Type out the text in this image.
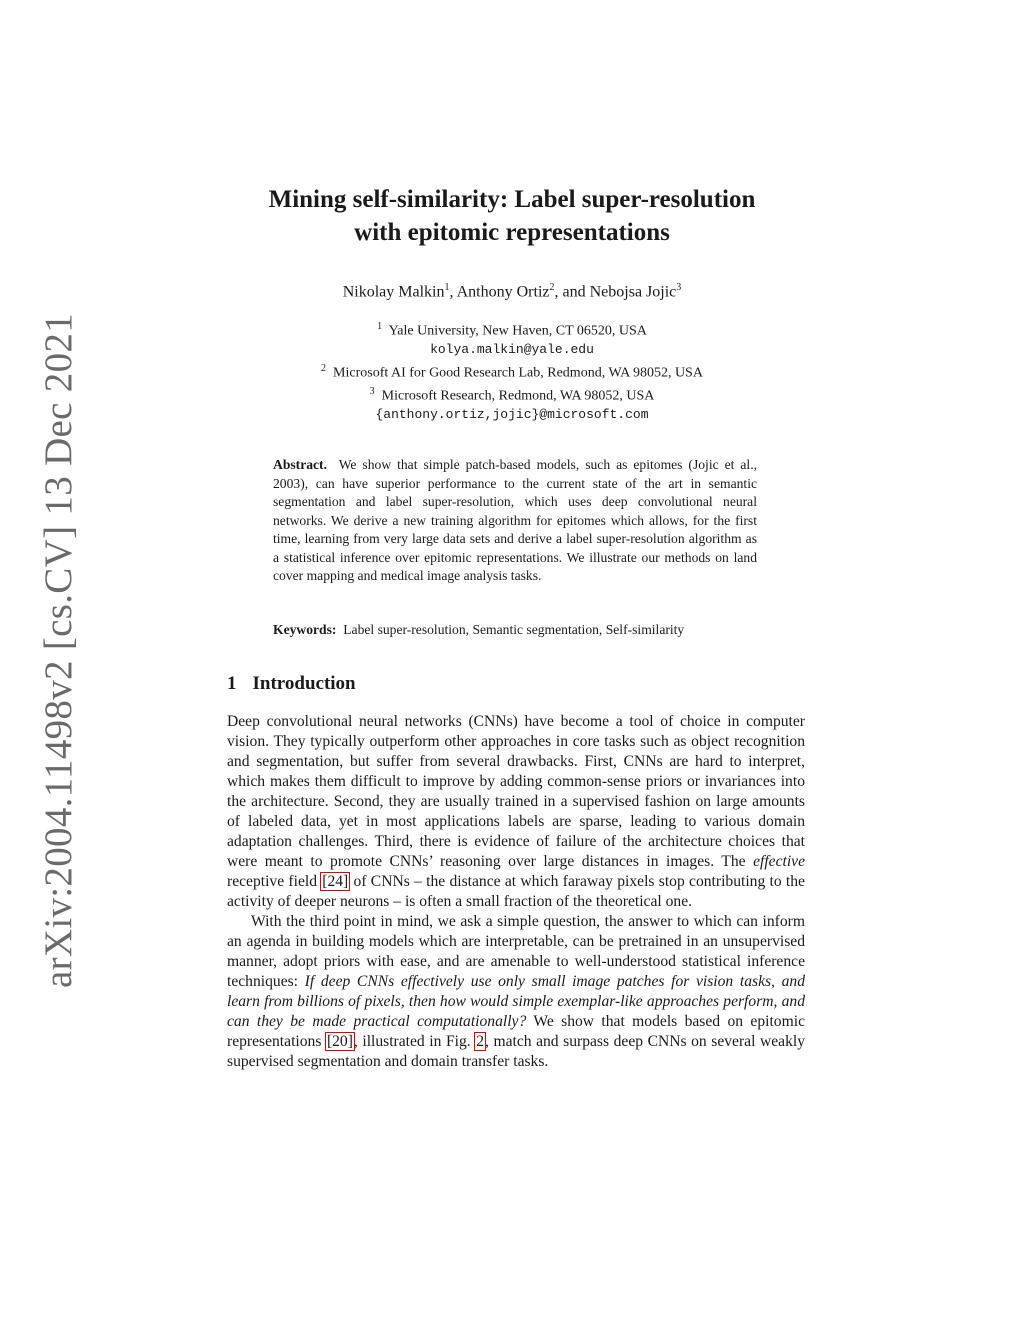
arXiv:2004.11498v2 [cs.CV] 13 Dec 2021
Mining self-similarity: Label super-resolution
with epitomic representations
Nikolay Malkin$^1$, Anthony Ortiz$^2$, and Nebojsa Jojic$^3$
$^1$ Yale University, New Haven, CT 06520, USA
kolya.malkin@yale.edu
$^2$ Microsoft AI for Good Research Lab, Redmond, WA 98052, USA
$^3$ Microsoft Research, Redmond, WA 98052, USA
{anthony.ortiz,jojic}@microsoft.com
Abstract. We show that simple patch-based models, such as epitomes (Jojic et al., 2003), can have superior performance to the current state of the art in semantic segmentation and label super-resolution, which uses deep convolutional neural networks. We derive a new training algorithm for epitomes which allows, for the first time, learning from very large data sets and derive a label super-resolution algorithm as a statistical inference over epitomic representations. We illustrate our methods on land cover mapping and medical image analysis tasks.
Keywords: Label super-resolution, Semantic segmentation, Self-similarity
1 Introduction

Deep convolutional neural networks (CNNs) have become a tool of choice in computer vision. They typically outperform other approaches in core tasks such as object recognition and segmentation, but suffer from several drawbacks. First, CNNs are hard to interpret, which makes them difficult to improve by adding common-sense priors or invariances into the architecture. Second, they are usually trained in a supervised fashion on large amounts of labeled data, yet in most applications labels are sparse, leading to various domain adaptation challenges. Third, there is evidence of failure of the architecture choices that were meant to promote CNNs’ reasoning over large distances in images. The effective receptive field [24] of CNNs – the distance at which faraway pixels stop contributing to the activity of deeper neurons – is often a small fraction of the theoretical one.

With the third point in mind, we ask a simple question, the answer to which can inform an agenda in building models which are interpretable, can be pretrained in an unsupervised manner, adopt priors with ease, and are amenable to well-understood statistical inference techniques: If deep CNNs effectively use only small image patches for vision tasks, and learn from billions of pixels, then how would simple exemplar-like approaches perform, and can they be made practical computationally? We show that models based on epitomic representations [20], illustrated in Fig. 2, match and surpass deep CNNs on several weakly supervised segmentation and domain transfer tasks.
